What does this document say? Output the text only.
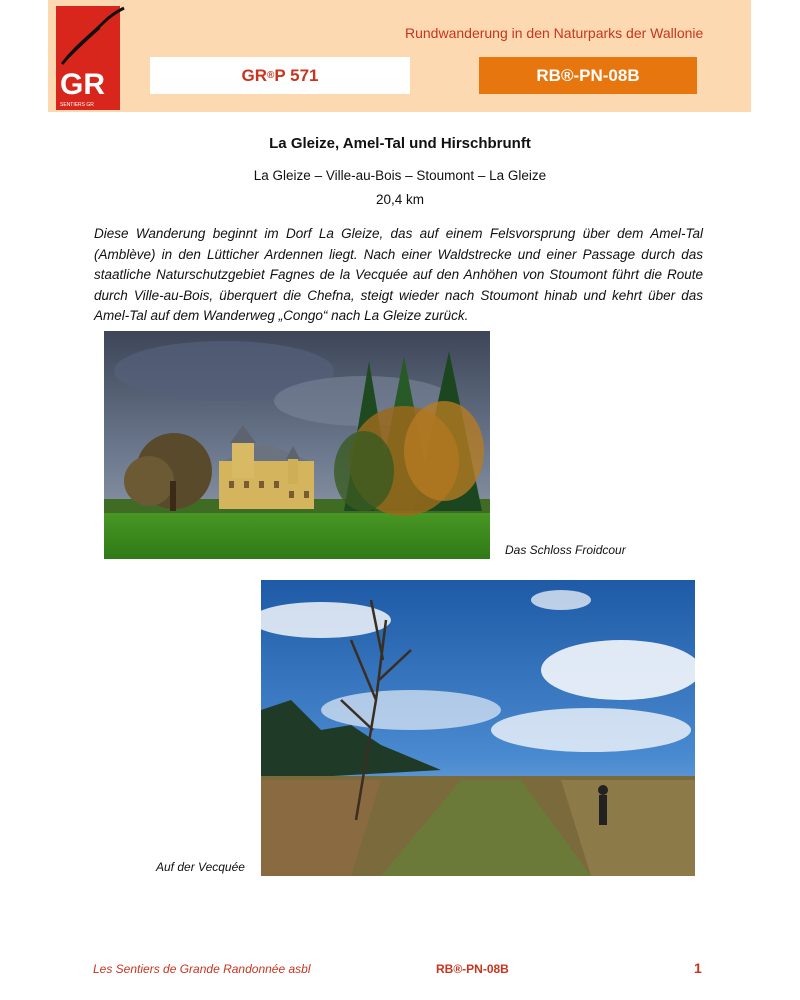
GR
SENTIERS GR
Rundwanderung in den Naturparks der Wallonie
GR ® P 571	RB®-PN-08B
La Gleize, Amel-Tal und Hirschbrunft
La Gleize – Ville-au-Bois – Stoumont – La Gleize
20,4 km
Diese Wanderung beginnt im Dorf La Gleize, das auf einem Felsvorsprung über dem Amel-Tal (Amblève) in den Lütticher Ardennen liegt. Nach einer Waldstrecke und einer Passage durch das staatliche Naturschutzgebiet Fagnes de la Vecquée auf den Anhöhen von Stoumont führt die Route durch Ville-au-Bois, überquert die Chefna, steigt wieder nach Stoumont hinab und kehrt über das Amel-Tal auf dem Wanderweg „Congo“ nach La Gleize zurück.
Das Schloss Froidcour
Auf der Vecquée
Les Sentiers de Grande Randonnée asbl	RB®-PN-08B	1
